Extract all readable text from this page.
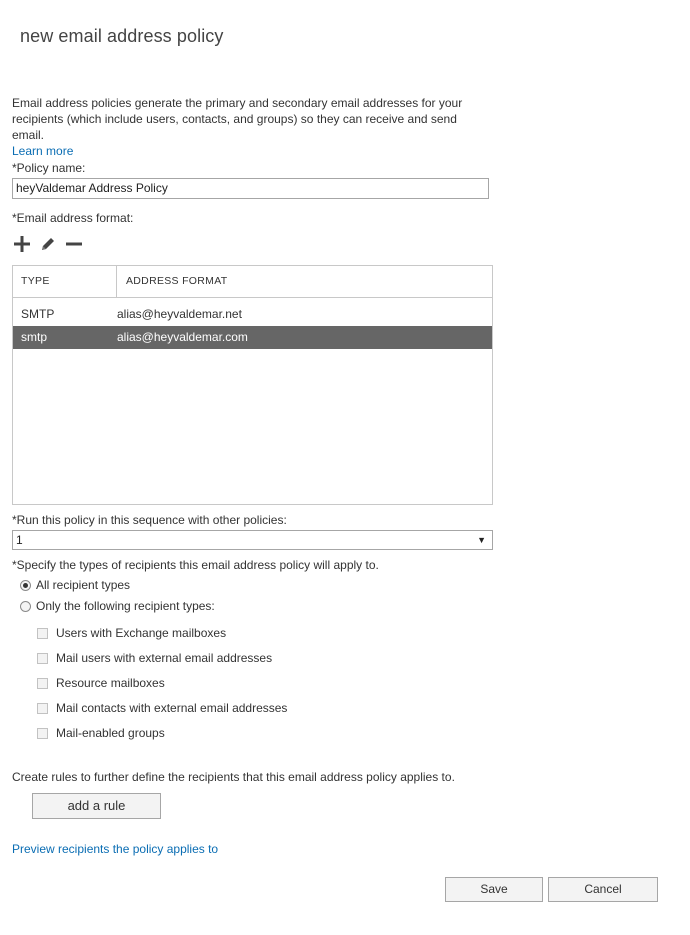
new email address policy
Email address policies generate the primary and secondary email addresses for your recipients (which include users, contacts, and groups) so they can receive and send email.
Learn more
*Policy name:
heyValdemar Address Policy
*Email address format:
TYPE	ADDRESS FORMAT
SMTP	alias@heyvaldemar.net
smtp	alias@heyvaldemar.com
*Run this policy in this sequence with other policies:
1	▼
*Specify the types of recipients this email address policy will apply to.
All recipient types
Only the following recipient types:
Users with Exchange mailboxes
Mail users with external email addresses
Resource mailboxes
Mail contacts with external email addresses
Mail-enabled groups
Create rules to further define the recipients that this email address policy applies to.
add a rule
Preview recipients the policy applies to
Save	Cancel
